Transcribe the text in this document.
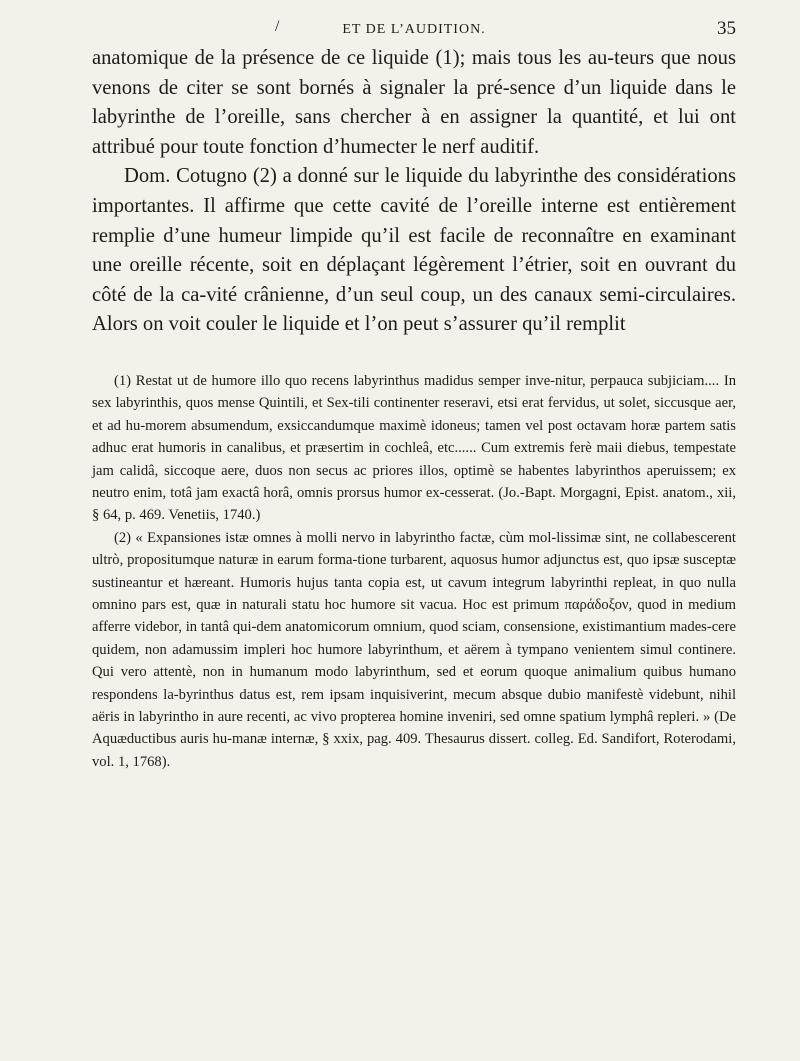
/	ET DE L’AUDITION.	35

anatomique de la présence de ce liquide (1); mais tous les au-teurs que nous venons de citer se sont bornés à signaler la pré-sence d’un liquide dans le labyrinthe de l’oreille, sans chercher à en assigner la quantité, et lui ont attribué pour toute fonction d’humecter le nerf auditif.

Dom. Cotugno (2) a donné sur le liquide du labyrinthe des considérations importantes. Il affirme que cette cavité de l’oreille interne est entièrement remplie d’une humeur limpide qu’il est facile de reconnaître en examinant une oreille récente, soit en déplaçant légèrement l’étrier, soit en ouvrant du côté de la ca-vité crânienne, d’un seul coup, un des canaux semi-circulaires. Alors on voit couler le liquide et l’on peut s’assurer qu’il remplit

(1) Restat ut de humore illo quo recens labyrinthus madidus semper inve-nitur, perpauca subjiciam.... In sex labyrinthis, quos mense Quintili, et Sex-tili continenter reseravi, etsi erat fervidus, ut solet, siccusque aer, et ad hu-morem absumendum, exsiccandumque maximè idoneus; tamen vel post octavam horæ partem satis adhuc erat humoris in canalibus, et præsertim in cochleâ, etc...... Cum extremis ferè maii diebus, tempestate jam calidâ, siccoque aere, duos non secus ac priores illos, optimè se habentes labyrinthos aperuissem; ex neutro enim, totâ jam exactâ horâ, omnis prorsus humor ex-cesserat. (Jo.-Bapt. Morgagni, Epist. anatom., xii, § 64, p. 469. Venetiis, 1740.)

(2) « Expansiones istæ omnes à molli nervo in labyrintho factæ, cùm mol-lissimæ sint, ne collabescerent ultrò, propositumque naturæ in earum forma-tione turbarent, aquosus humor adjunctus est, quo ipsæ susceptæ sustineantur et hæreant. Humoris hujus tanta copia est, ut cavum integrum labyrinthi repleat, in quo nulla omnino pars est, quæ in naturali statu hoc humore sit vacua. Hoc est primum παράδοξον, quod in medium afferre videbor, in tantâ qui-dem anatomicorum omnium, quod sciam, consensione, existimantium mades-cere quidem, non adamussim impleri hoc humore labyrinthum, et aërem à tympano venientem simul continere. Qui vero attentè, non in humanum modo labyrinthum, sed et eorum quoque animalium quibus humano respondens la-byrinthus datus est, rem ipsam inquisiverint, mecum absque dubio manifestè videbunt, nihil aëris in labyrintho in aure recenti, ac vivo propterea homine inveniri, sed omne spatium lymphâ repleri. » (De Aquæductibus auris hu-manæ internæ, § xxix, pag. 409. Thesaurus dissert. colleg. Ed. Sandifort, Roterodami, vol. 1, 1768).
